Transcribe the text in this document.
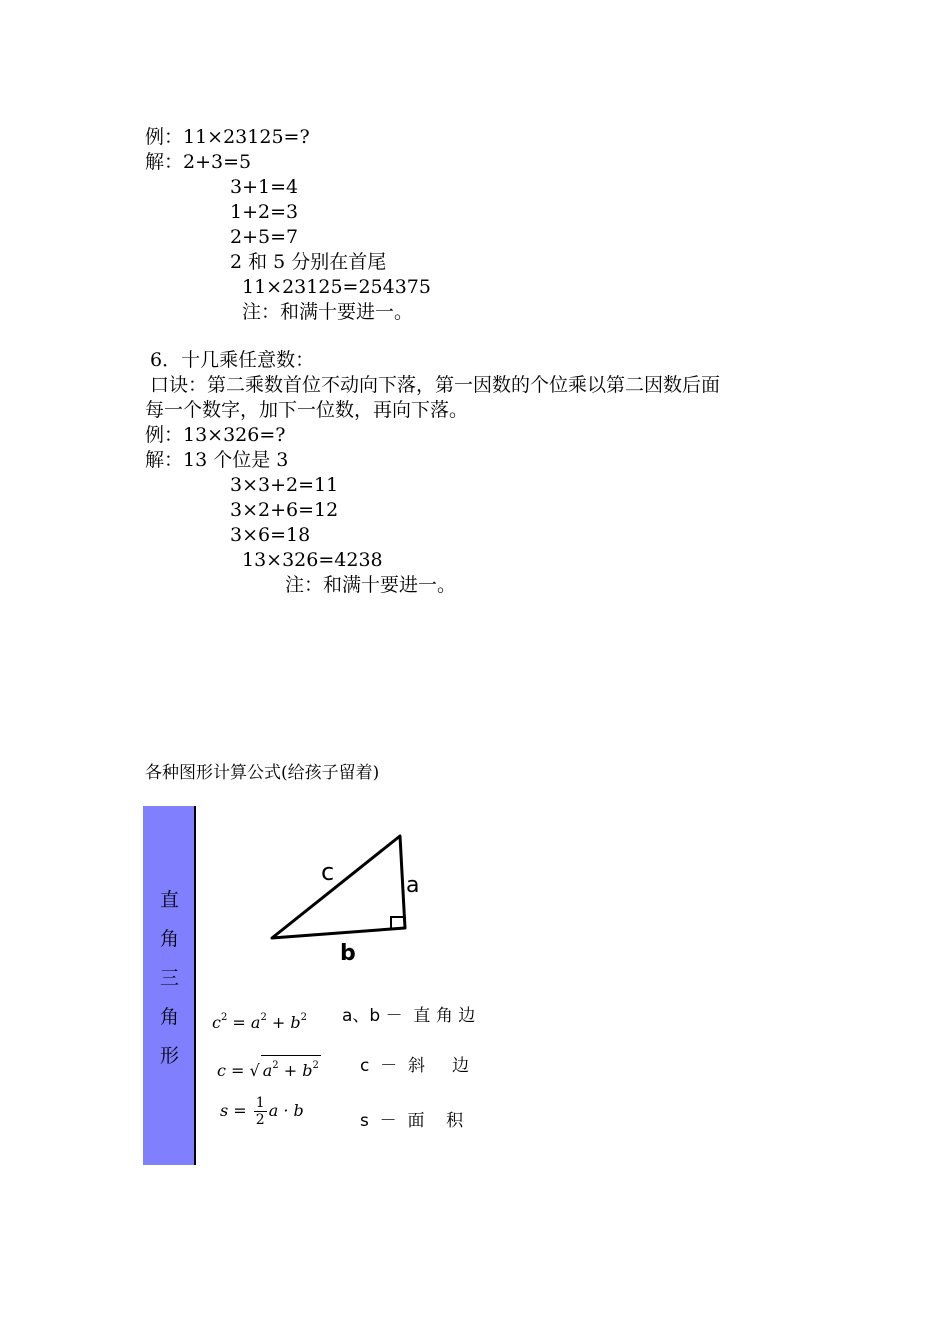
例：11×23125=?
解：2+3=5
3+1=4
1+2=3
2+5=7
2 和 5 分别在首尾
11×23125=254375
注：和满十要进一。
6．十几乘任意数：
口诀：第二乘数首位不动向下落，第一因数的个位乘以第二因数后面
每一个数字，加下一位数，再向下落。
例：13×326=?
解：13 个位是 3
3×3+2=11
3×2+6=12
3×6=18
13×326=4238
注：和满十要进一。
各种图形计算公式(给孩子留着)
直
角
三
角
形
c	a
b
$c^2 = a^2 + b^2$
c = √ $a^2 + b^2$
$s = \frac{1}{2}$ a · b
a、b －  直 角 边
c  －  斜     边
s  －  面    积
